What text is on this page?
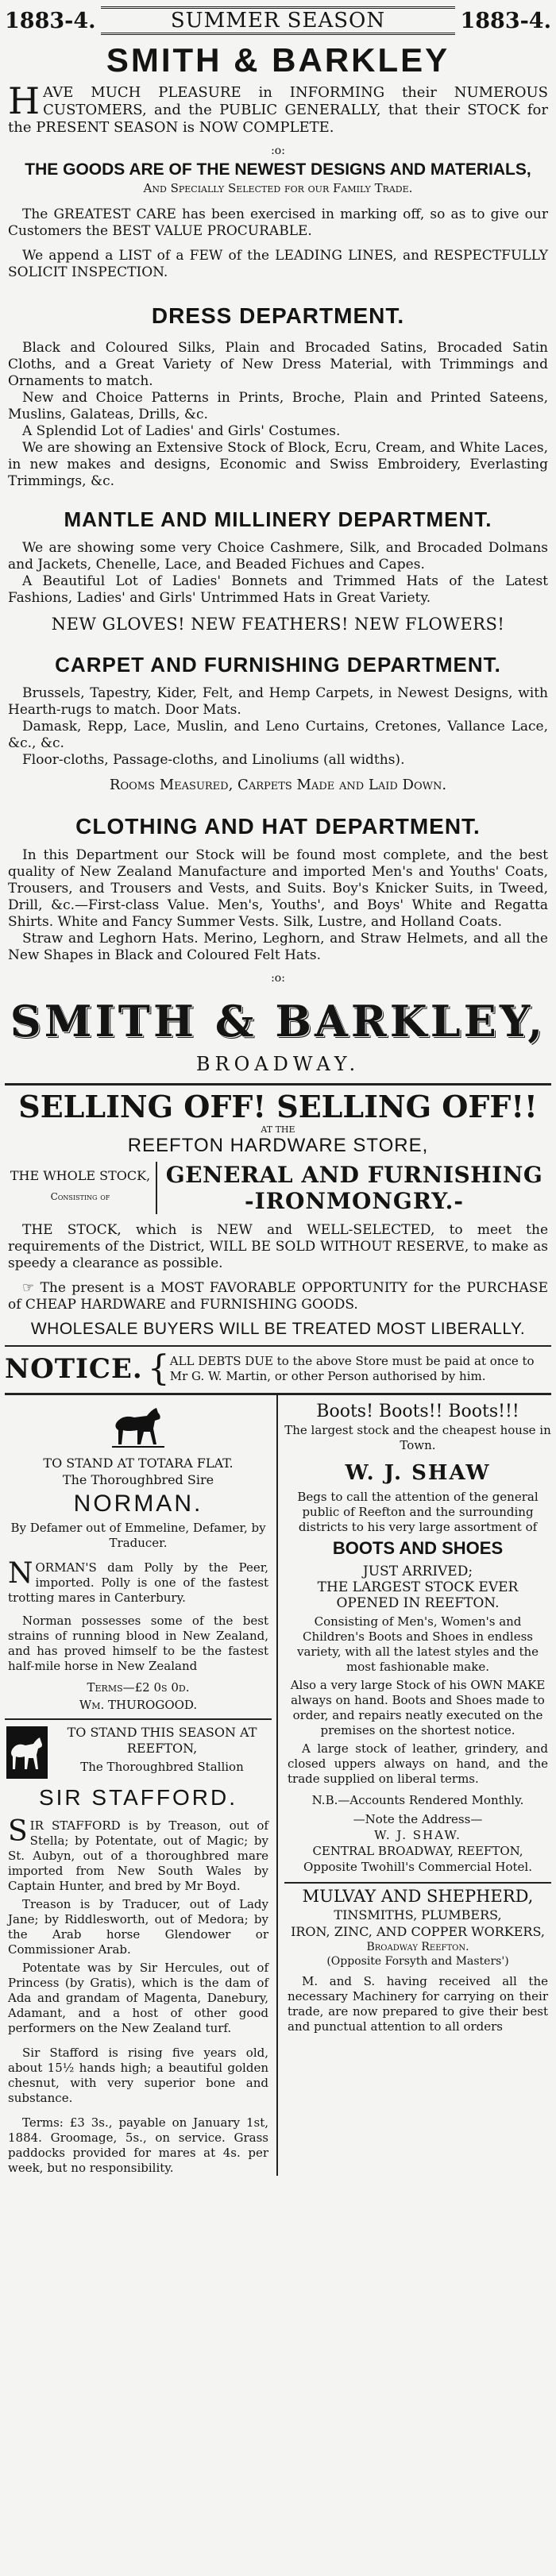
1883-4.	SUMMER SEASON	1883-4.
SMITH & BARKLEY
H AVE MUCH PLEASURE in INFORMING their NUMEROUS CUSTOMERS, and the PUBLIC GENERALLY, that their STOCK for the PRESENT SEASON is NOW COMPLETE.
:o:
THE GOODS ARE OF THE NEWEST DESIGNS AND MATERIALS,
And Specially Selected for our Family Trade.
The GREATEST CARE has been exercised in marking off, so as to give our Customers the BEST VALUE PROCURABLE.
We append a LIST of a FEW of the LEADING LINES, and RESPECTFULLY SOLICIT INSPECTION.
DRESS DEPARTMENT.
Black and Coloured Silks, Plain and Brocaded Satins, Brocaded Satin Cloths, and a Great Variety of New Dress Material, with Trimmings and Ornaments to match.
New and Choice Patterns in Prints, Broche, Plain and Printed Sateens, Muslins, Galateas, Drills, &c.
A Splendid Lot of Ladies' and Girls' Costumes.
We are showing an Extensive Stock of Block, Ecru, Cream, and White Laces, in new makes and designs, Economic and Swiss Embroidery, Everlasting Trimmings, &c.
MANTLE AND MILLINERY DEPARTMENT.
We are showing some very Choice Cashmere, Silk, and Brocaded Dolmans and Jackets, Chenelle, Lace, and Beaded Fichues and Capes.
A Beautiful Lot of Ladies' Bonnets and Trimmed Hats of the Latest Fashions, Ladies' and Girls' Untrimmed Hats in Great Variety.
NEW GLOVES! NEW FEATHERS! NEW FLOWERS!
CARPET AND FURNISHING DEPARTMENT.
Brussels, Tapestry, Kider, Felt, and Hemp Carpets, in Newest Designs, with Hearth-rugs to match. Door Mats.
Damask, Repp, Lace, Muslin, and Leno Curtains, Cretones, Vallance Lace, &c., &c.
Floor-cloths, Passage-cloths, and Linoliums (all widths).
Rooms Measured, Carpets Made and Laid Down.
CLOTHING AND HAT DEPARTMENT.
In this Department our Stock will be found most complete, and the best quality of New Zealand Manufacture and imported Men's and Youths' Coats, Trousers, and Trousers and Vests, and Suits. Boy's Knicker Suits, in Tweed, Drill, &c.—First-class Value. Men's, Youths', and Boys' White and Regatta Shirts. White and Fancy Summer Vests. Silk, Lustre, and Holland Coats.
Straw and Leghorn Hats. Merino, Leghorn, and Straw Helmets, and all the New Shapes in Black and Coloured Felt Hats.
:o:
SMITH & BARKLEY,
BROADWAY.
SELLING OFF! SELLING OFF!!
AT THE
REEFTON HARDWARE STORE,
THE WHOLE STOCK,
Consisting of
GENERAL AND FURNISHING
-IRONMONGRY.-
THE STOCK, which is NEW and WELL-SELECTED, to meet the requirements of the District, WILL BE SOLD WITHOUT RESERVE, to make as speedy a clearance as possible.
☞ The present is a MOST FAVORABLE OPPORTUNITY for the PURCHASE of CHEAP HARDWARE and FURNISHING GOODS.
WHOLESALE BUYERS WILL BE TREATED MOST LIBERALLY.
NOTICE. { ALL DEBTS DUE to the above Store must be paid at once to Mr G. W. Martin, or other Person authorised by him.
TO STAND AT TOTARA FLAT.
The Thoroughbred Sire
NORMAN.
By Defamer out of Emmeline, Defamer, by Traducer.
N ORMAN'S dam Polly by the Peer, imported. Polly is one of the fastest trotting mares in Canterbury.
Norman possesses some of the best strains of running blood in New Zealand, and has proved himself to be the fastest half-mile horse in New Zealand
Terms—£2 0s 0d.
Wm. THUROGOOD.
TO STAND THIS SEASON AT REEFTON,
The Thoroughbred Stallion
SIR STAFFORD.
S IR STAFFORD is by Treason, out of Stella; by Potentate, out of Magic; by St. Aubyn, out of a thoroughbred mare imported from New South Wales by Captain Hunter, and bred by Mr Boyd.
Treason is by Traducer, out of Lady Jane; by Riddlesworth, out of Medora; by the Arab horse Glendower or Commissioner Arab.
Potentate was by Sir Hercules, out of Princess (by Gratis), which is the dam of Ada and grandam of Magenta, Danebury, Adamant, and a host of other good performers on the New Zealand turf.
Sir Stafford is rising five years old, about 15½ hands high; a beautiful golden chesnut, with very superior bone and substance.
Terms: £3 3s., payable on January 1st, 1884. Groomage, 5s., on service. Grass paddocks provided for mares at 4s. per week, but no responsibility.
Boots! Boots!! Boots!!!
The largest stock and the cheapest house in Town.
W. J. SHAW
Begs to call the attention of the general public of Reefton and the surrounding districts to his very large assortment of
BOOTS AND SHOES
JUST ARRIVED;
THE LARGEST STOCK EVER OPENED IN REEFTON.
Consisting of Men's, Women's and Children's Boots and Shoes in endless variety, with all the latest styles and the most fashionable make.
Also a very large Stock of his OWN MAKE always on hand. Boots and Shoes made to order, and repairs neatly executed on the premises on the shortest notice.
A large stock of leather, grindery, and closed uppers always on hand, and the trade supplied on liberal terms.
N.B.—Accounts Rendered Monthly.
—Note the Address—
W. J. SHAW.
CENTRAL BROADWAY, REEFTON,
Opposite Twohill's Commercial Hotel.
MULVAY AND SHEPHERD,
TINSMITHS, PLUMBERS,
IRON, ZINC, AND COPPER WORKERS,
Broadway Reefton.
(Opposite Forsyth and Masters')
M. and S. having received all the necessary Machinery for carrying on their trade, are now prepared to give their best and punctual attention to all orders
